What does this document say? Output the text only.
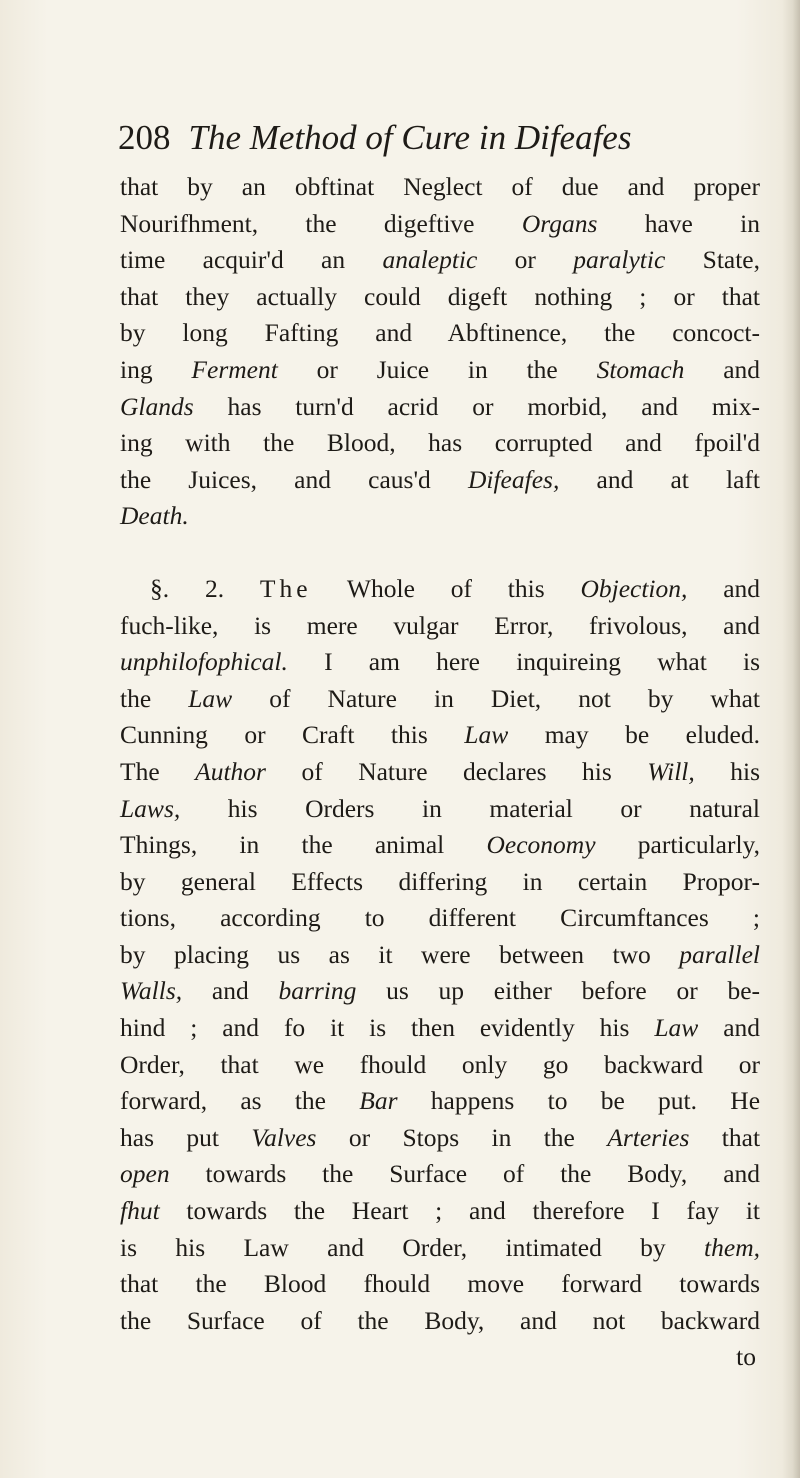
208 The Method of Cure in Difeafes
that by an obftinat Neglect of due and proper
Nourifhment, the digeftive Organs have in
time acquir'd an analeptic or paralytic State,
that they actually could digeft nothing ; or that
by long Fafting and Abftinence, the concoct-
ing Ferment or Juice in the Stomach and
Glands has turn'd acrid or morbid, and mix-
ing with the Blood, has corrupted and fpoil'd
the Juices, and caus'd Difeafes, and at laft
Death.
§. 2. The Whole of this Objection, and
fuch-like, is mere vulgar Error, frivolous, and
unphilofophical. I am here inquireing what is
the Law of Nature in Diet, not by what
Cunning or Craft this Law may be eluded.
The Author of Nature declares his Will, his
Laws, his Orders in material or natural
Things, in the animal Oeconomy particularly,
by general Effects differing in certain Propor-
tions, according to different Circumftances ;
by placing us as it were between two parallel
Walls, and barring us up either before or be-
hind ; and fo it is then evidently his Law and
Order, that we fhould only go backward or
forward, as the Bar happens to be put. He
has put Valves or Stops in the Arteries that
open towards the Surface of the Body, and
fhut towards the Heart ; and therefore I fay it
is his Law and Order, intimated by them,
that the Blood fhould move forward towards
the Surface of the Body, and not backward
to
